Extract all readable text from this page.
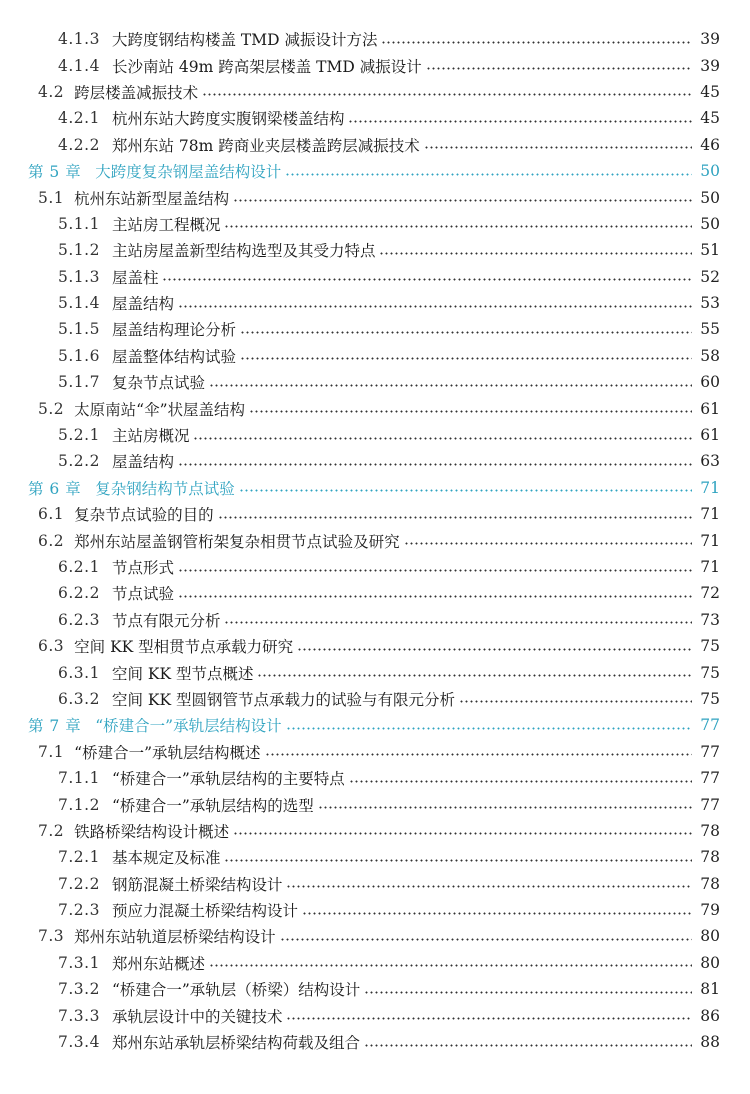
4.1.3 大跨度钢结构楼盖 TMD 减振设计方法	39
4.1.4 长沙南站 49m 跨高架层楼盖 TMD 减振设计	39
4.2 跨层楼盖减振技术	45
4.2.1 杭州东站大跨度实腹钢梁楼盖结构	45
4.2.2 郑州东站 78m 跨商业夹层楼盖跨层减振技术	46
第 5 章 大跨度复杂钢屋盖结构设计	50
5.1 杭州东站新型屋盖结构	50
5.1.1 主站房工程概况	50
5.1.2 主站房屋盖新型结构选型及其受力特点	51
5.1.3 屋盖柱	52
5.1.4 屋盖结构	53
5.1.5 屋盖结构理论分析	55
5.1.6 屋盖整体结构试验	58
5.1.7 复杂节点试验	60
5.2 太原南站“伞”状屋盖结构	61
5.2.1 主站房概况	61
5.2.2 屋盖结构	63
第 6 章 复杂钢结构节点试验	71
6.1 复杂节点试验的目的	71
6.2 郑州东站屋盖钢管桁架复杂相贯节点试验及研究	71
6.2.1 节点形式	71
6.2.2 节点试验	72
6.2.3 节点有限元分析	73
6.3 空间 KK 型相贯节点承载力研究	75
6.3.1 空间 KK 型节点概述	75
6.3.2 空间 KK 型圆钢管节点承载力的试验与有限元分析	75
第 7 章 “桥建合一”承轨层结构设计	77
7.1 “桥建合一”承轨层结构概述	77
7.1.1 “桥建合一”承轨层结构的主要特点	77
7.1.2 “桥建合一”承轨层结构的选型	77
7.2 铁路桥梁结构设计概述	78
7.2.1 基本规定及标准	78
7.2.2 钢筋混凝土桥梁结构设计	78
7.2.3 预应力混凝土桥梁结构设计	79
7.3 郑州东站轨道层桥梁结构设计	80
7.3.1 郑州东站概述	80
7.3.2 “桥建合一”承轨层（桥梁）结构设计	81
7.3.3 承轨层设计中的关键技术	86
7.3.4 郑州东站承轨层桥梁结构荷载及组合	88
